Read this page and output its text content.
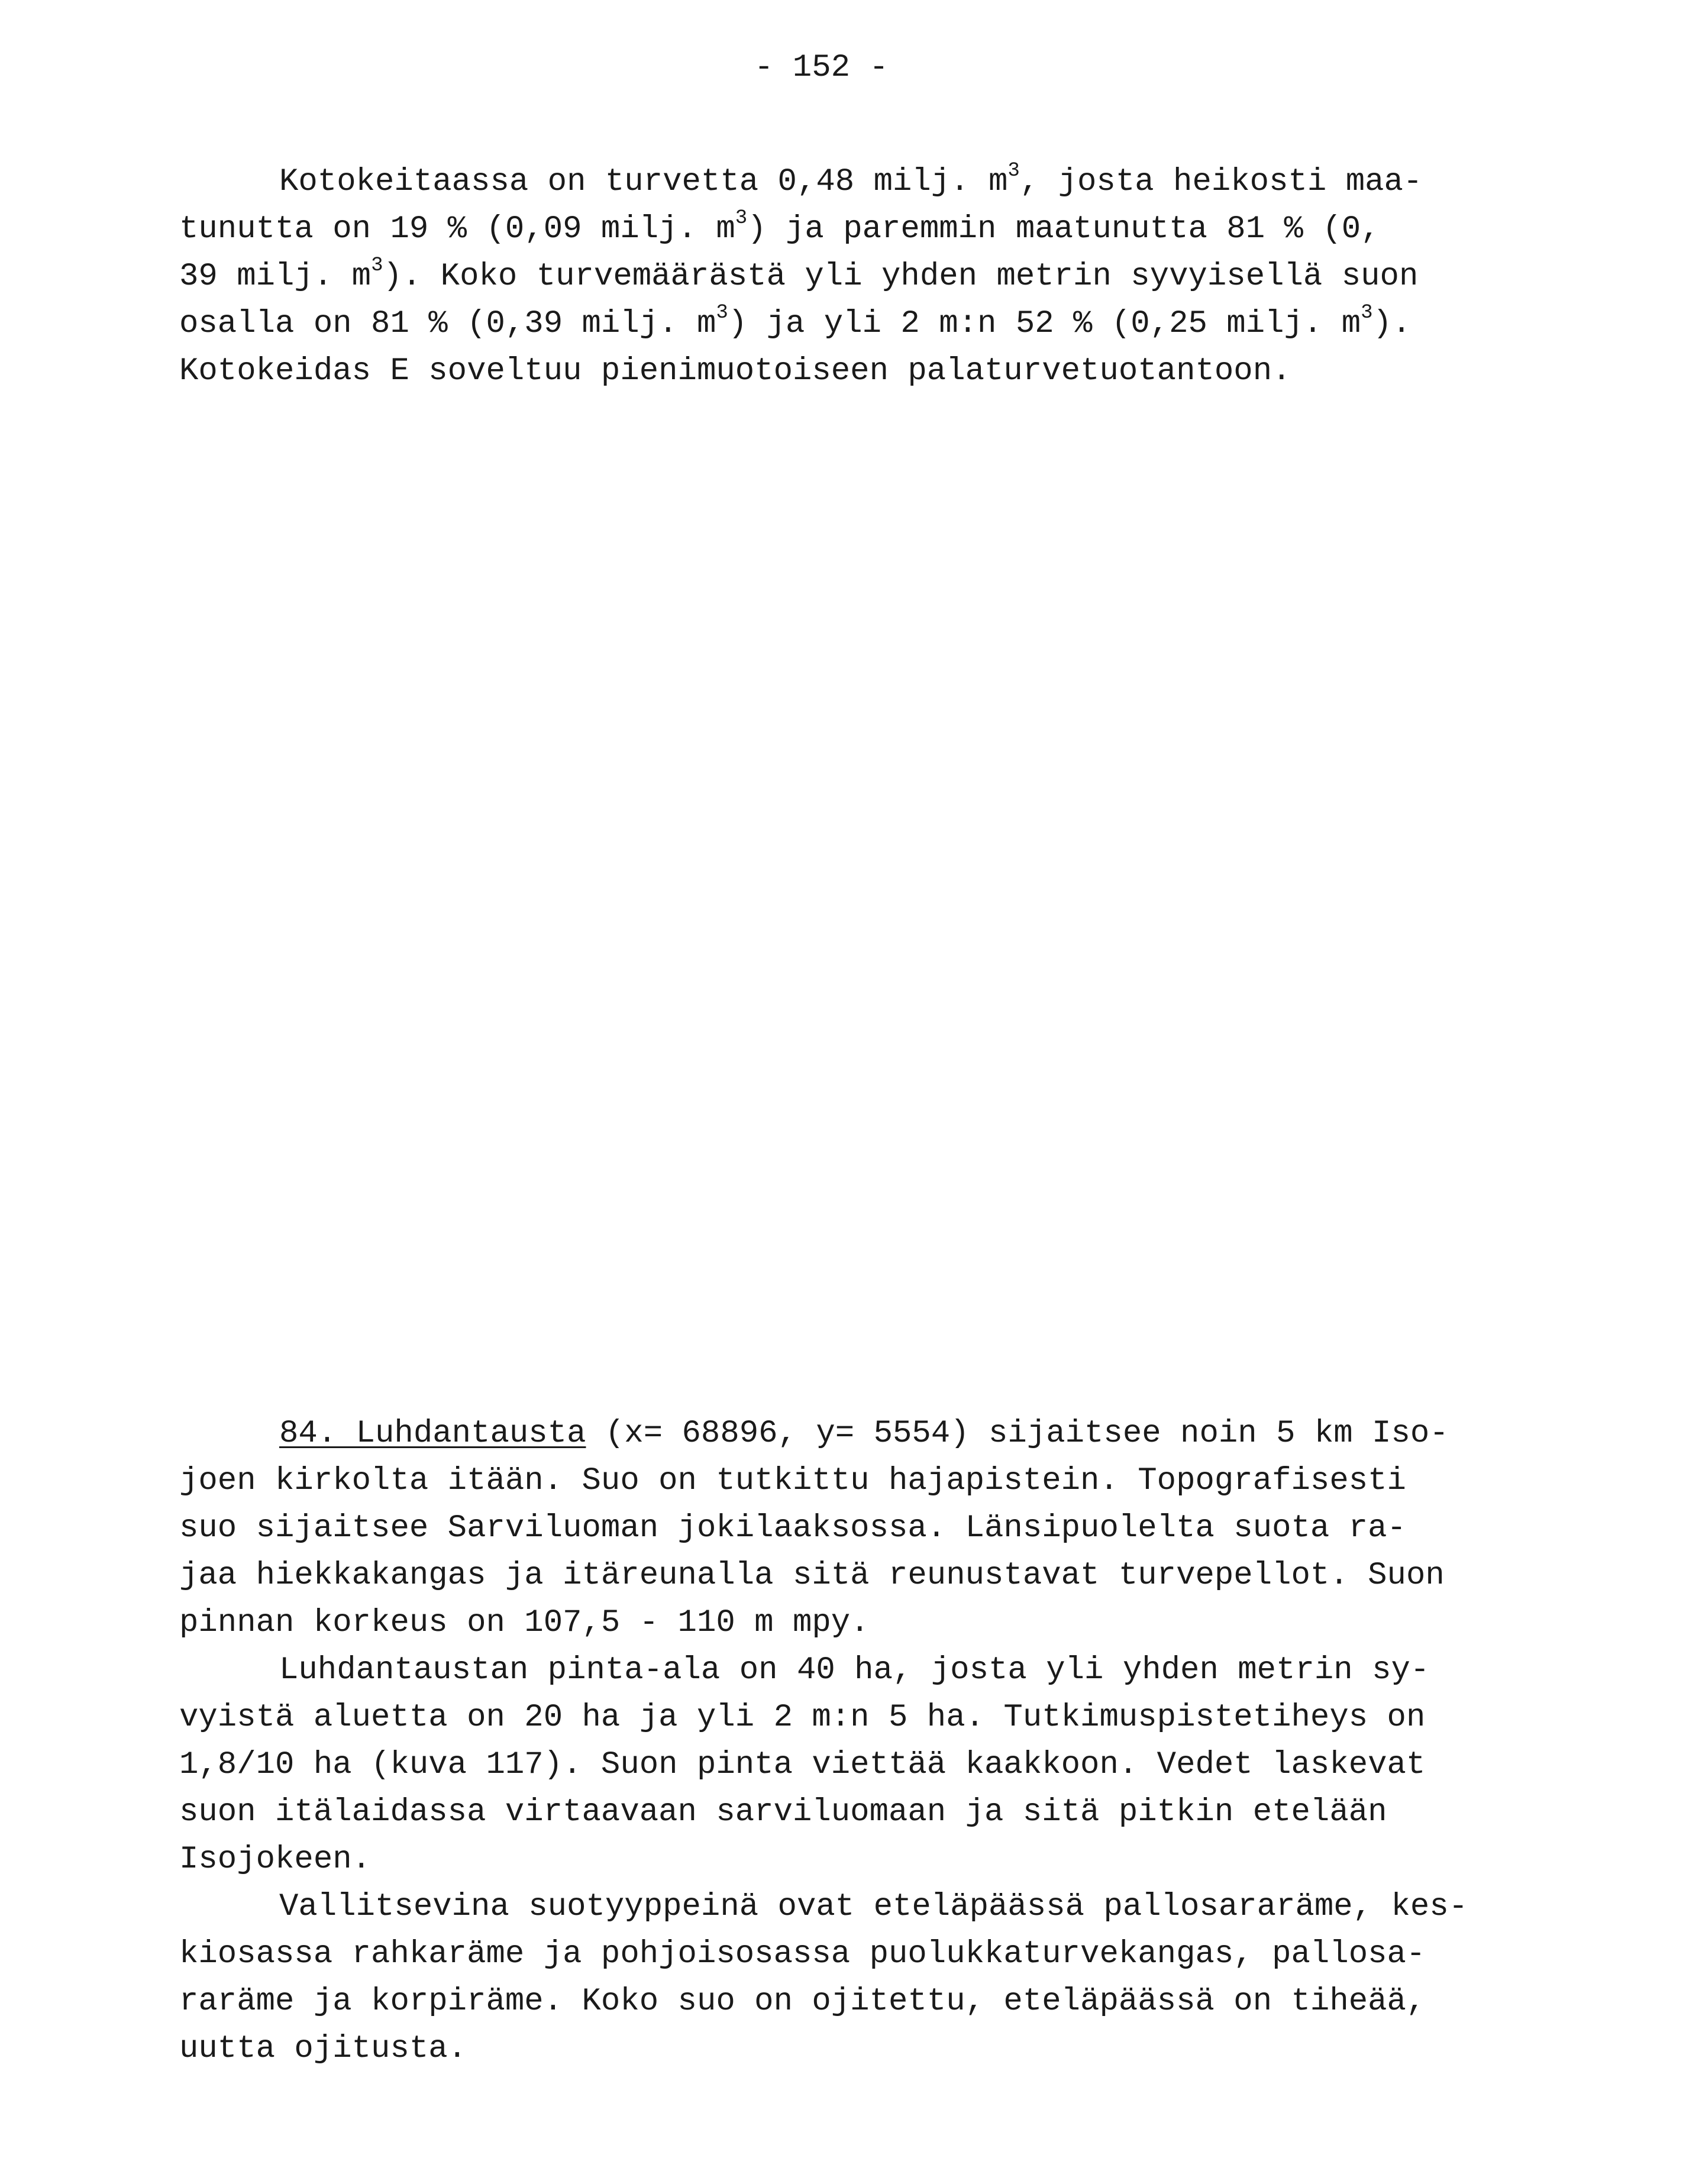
- 152 -
Kotokeitaassa on turvetta 0,48 milj. $m^3$, josta heikosti maa-
tunutta on 19 % (0,09 milj. $m^3$) ja paremmin maatunutta 81 % (0,
39 milj. $m^3$). Koko turvemäärästä yli yhden metrin syvyisellä suon
osalla on 81 % (0,39 milj. $m^3$) ja yli 2 m:n 52 % (0,25 milj. $m^3$).
Kotokeidas E soveltuu pienimuotoiseen palaturvetuotantoon.
84. Luhdantausta (x= 68896, y= 5554) sijaitsee noin 5 km Iso-
joen kirkolta itään. Suo on tutkittu hajapistein. Topografisesti
suo sijaitsee Sarviluoman jokilaaksossa. Länsipuolelta suota ra-
jaa hiekkakangas ja itäreunalla sitä reunustavat turvepellot. Suon
pinnan korkeus on 107,5 - 110 m mpy.
Luhdantaustan pinta-ala on 40 ha, josta yli yhden metrin sy-
vyistä aluetta on 20 ha ja yli 2 m:n 5 ha. Tutkimuspistetiheys on
1,8/10 ha (kuva 117). Suon pinta viettää kaakkoon. Vedet laskevat
suon itälaidassa virtaavaan sarviluomaan ja sitä pitkin etelään
Isojokeen.
Vallitsevina suotyyppeinä ovat eteläpäässä pallosararäme, kes-
kiosassa rahkaräme ja pohjoisosassa puolukkaturvekangas, pallosa-
raräme ja korpiräme. Koko suo on ojitettu, eteläpäässä on tiheää,
uutta ojitusta.
